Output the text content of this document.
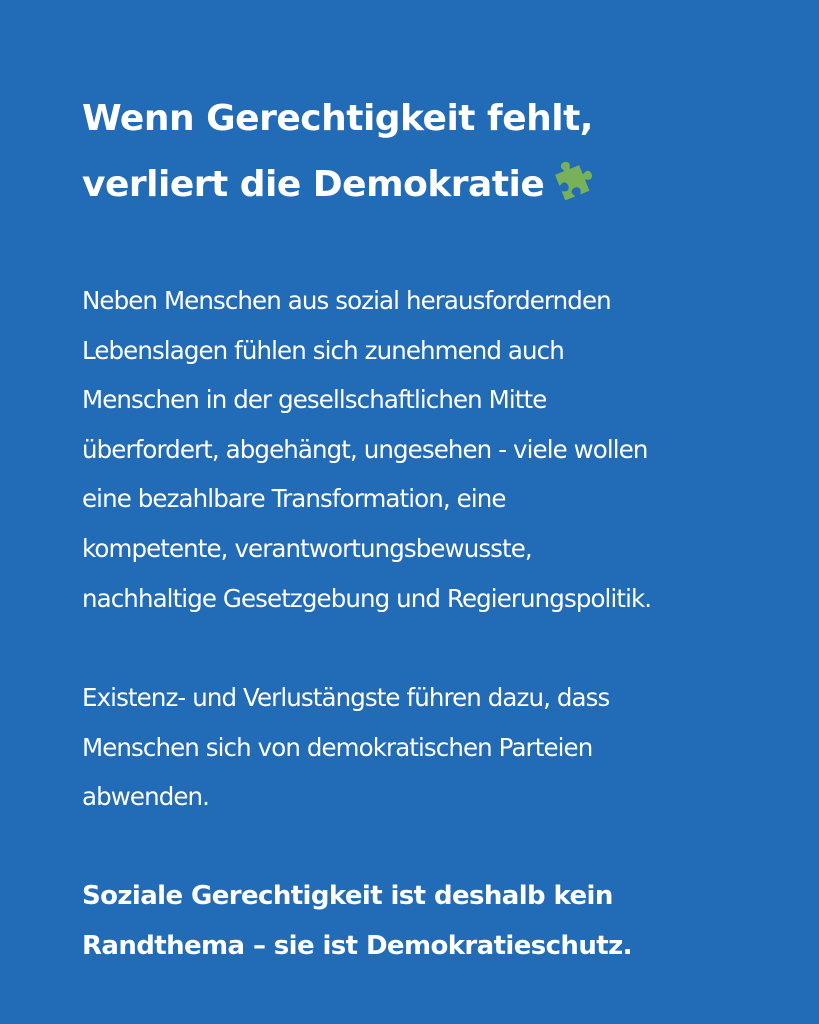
Wenn Gerechtigkeit fehlt,
verliert die Demokratie

Neben Menschen aus sozial herausfordernden
Lebenslagen fühlen sich zunehmend auch
Menschen in der gesellschaftlichen Mitte
überfordert, abgehängt, ungesehen - viele wollen
eine bezahlbare Transformation, eine
kompetente, verantwortungsbewusste,
nachhaltige Gesetzgebung und Regierungspolitik.

Existenz- und Verlustängste führen dazu, dass
Menschen sich von demokratischen Parteien
abwenden.

Soziale Gerechtigkeit ist deshalb kein
Randthema – sie ist Demokratieschutz.
